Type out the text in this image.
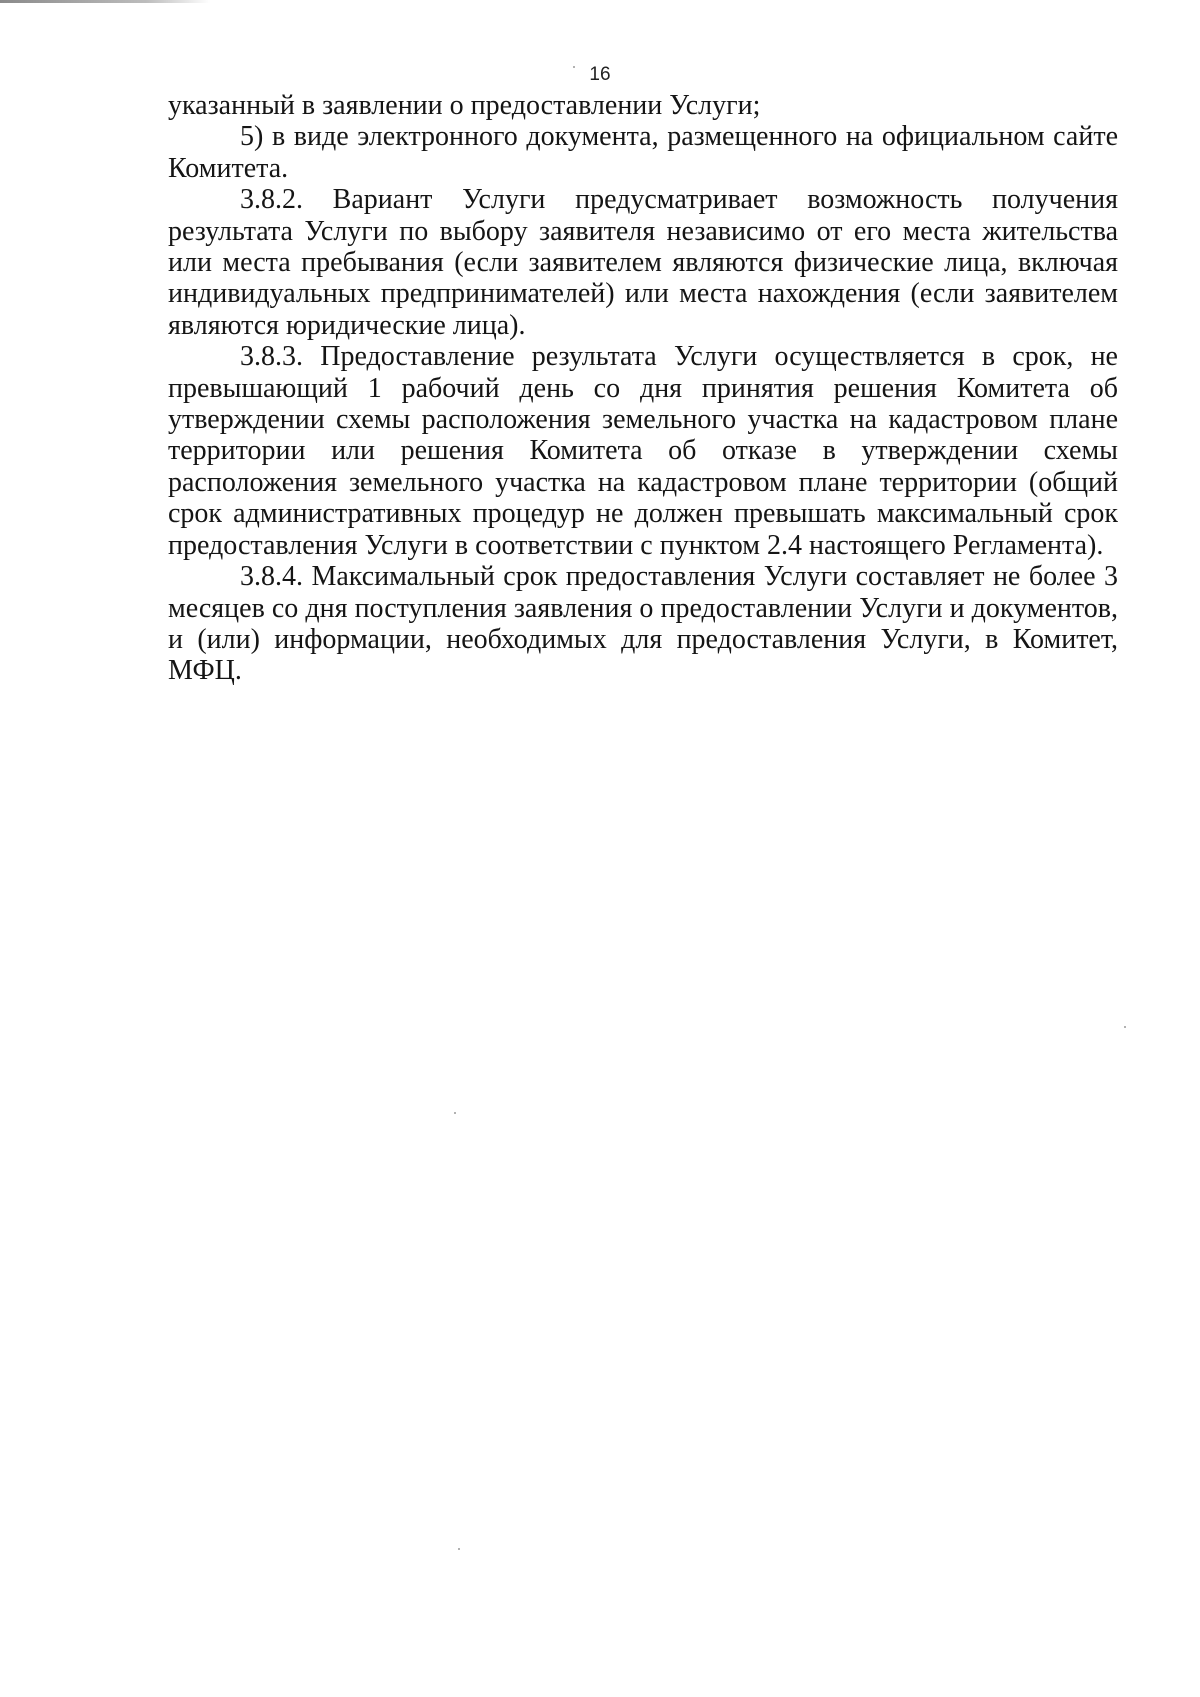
16

указанный в заявлении о предоставлении Услуги;

5) в виде электронного документа, размещенного на официальном сайте Комитета.

3.8.2. Вариант Услуги предусматривает возможность получения результата Услуги по выбору заявителя независимо от его места жительства или места пребывания (если заявителем являются физические лица, включая индивидуальных предпринимателей) или места нахождения (если заявителем являются юридические лица).

3.8.3. Предоставление результата Услуги осуществляется в срок, не превышающий 1 рабочий день со дня принятия решения Комитета об утверждении схемы расположения земельного участка на кадастровом плане территории или решения Комитета об отказе в утверждении схемы расположения земельного участка на кадастровом плане территории (общий срок административных процедур не должен превышать максимальный срок предоставления Услуги в соответствии с пунктом 2.4 настоящего Регламента).

3.8.4. Максимальный срок предоставления Услуги составляет не более 3 месяцев со дня поступления заявления о предоставлении Услуги и документов, и (или) информации, необходимых для предоставления Услуги, в Комитет, МФЦ.
